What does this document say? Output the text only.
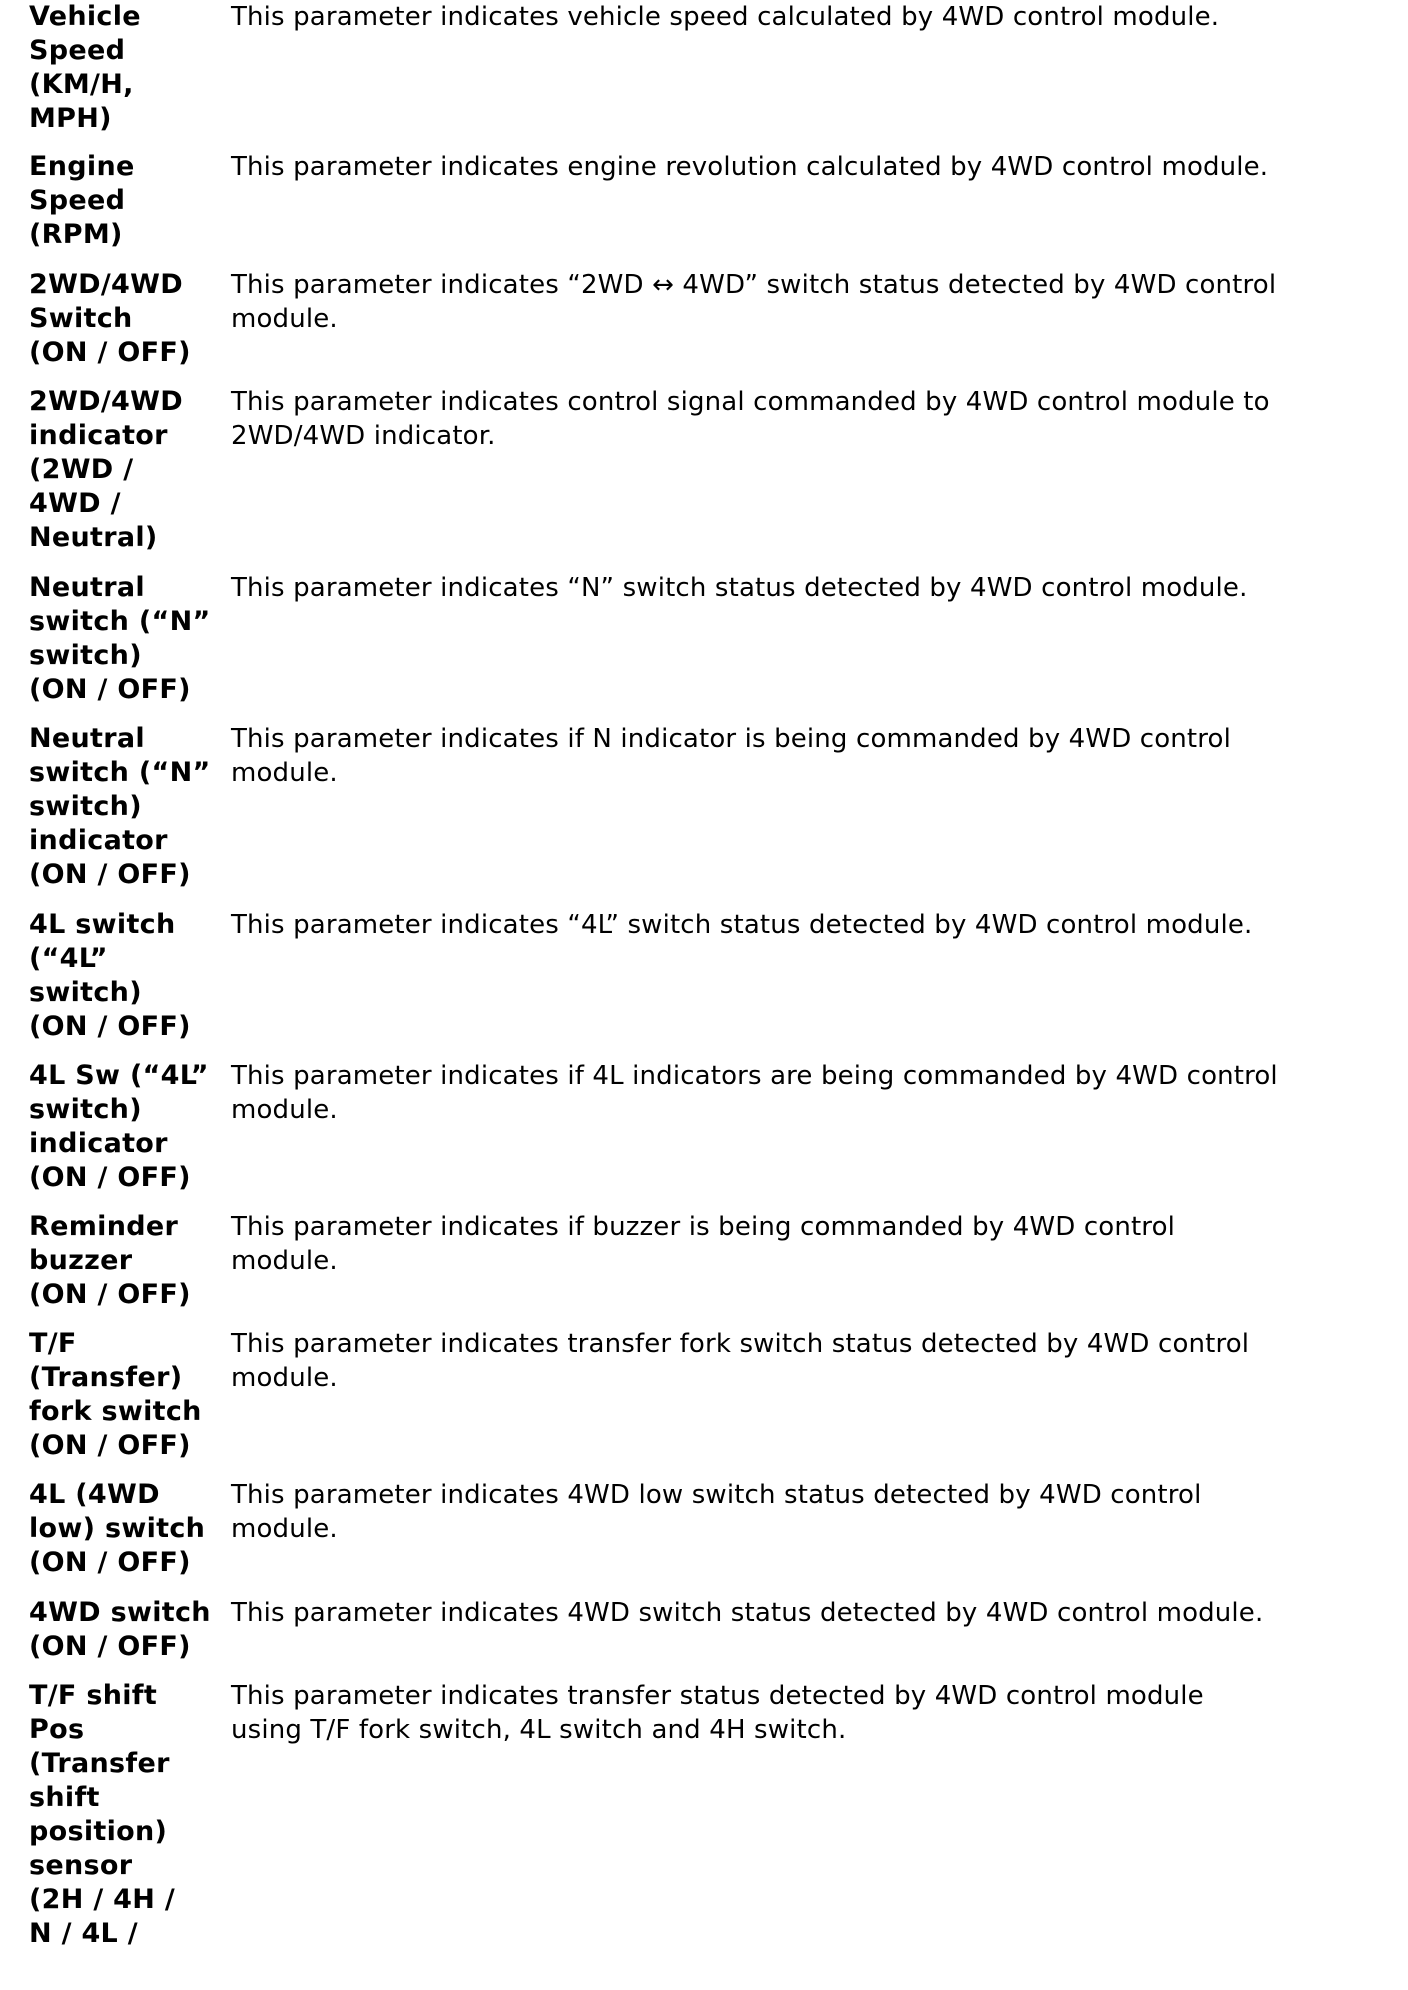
Vehicle
Speed
(KM/H,
MPH)
This parameter indicates vehicle speed calculated by 4WD control module.
Engine
Speed
(RPM)
This parameter indicates engine revolution calculated by 4WD control module.
2WD/4WD
Switch
(ON / OFF)
This parameter indicates “2WD ↔ 4WD” switch status detected by 4WD control
module.
2WD/4WD
indicator
(2WD /
4WD /
Neutral)
This parameter indicates control signal commanded by 4WD control module to
2WD/4WD indicator.
Neutral
switch (“N”
switch)
(ON / OFF)
This parameter indicates “N” switch status detected by 4WD control module.
Neutral
switch (“N”
switch)
indicator
(ON / OFF)
This parameter indicates if N indicator is being commanded by 4WD control
module.
4L switch
(“4L”
switch)
(ON / OFF)
This parameter indicates “4L” switch status detected by 4WD control module.
4L Sw (“4L”
switch)
indicator
(ON / OFF)
This parameter indicates if 4L indicators are being commanded by 4WD control
module.
Reminder
buzzer
(ON / OFF)
This parameter indicates if buzzer is being commanded by 4WD control
module.
T/F
(Transfer)
fork switch
(ON / OFF)
This parameter indicates transfer fork switch status detected by 4WD control
module.
4L (4WD
low) switch
(ON / OFF)
This parameter indicates 4WD low switch status detected by 4WD control
module.
4WD switch
(ON / OFF)
This parameter indicates 4WD switch status detected by 4WD control module.
T/F shift
Pos
(Transfer
shift
position)
sensor
(2H / 4H /
N / 4L /
This parameter indicates transfer status detected by 4WD control module
using T/F fork switch, 4L switch and 4H switch.
